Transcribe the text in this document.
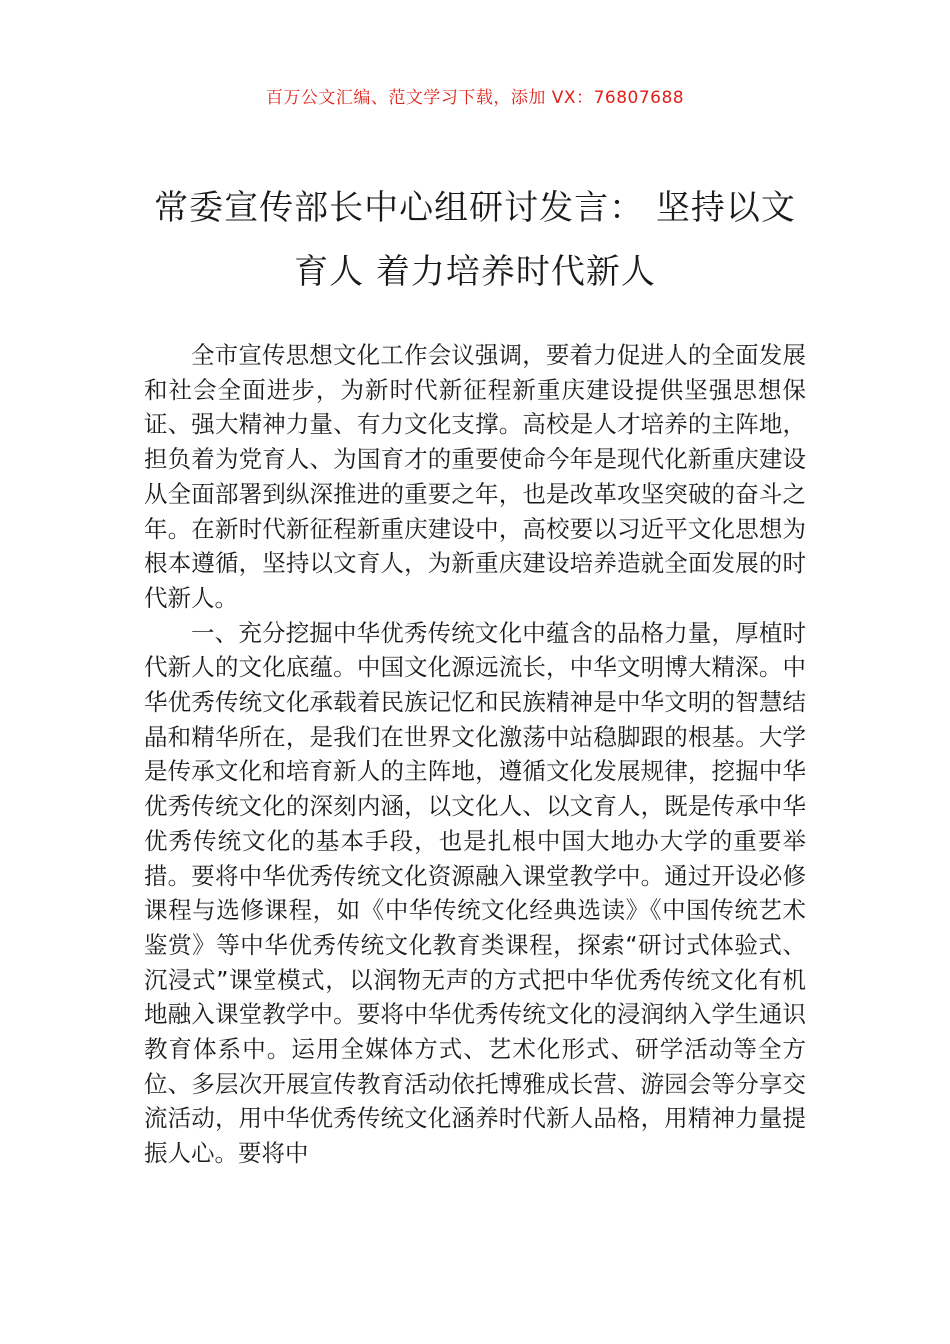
百万公文汇编、范文学习下载，添加 VX：76807688
常委宣传部长中心组研讨发言： 坚持以文
育人 着力培养时代新人

全市宣传思想文化工作会议强调，要着力促进人的全面发展和社会全面进步，为新时代新征程新重庆建设提供坚强思想保证、强大精神力量、有力文化支撑。高校是人才培养的主阵地，担负着为党育人、为国育才的重要使命今年是现代化新重庆建设从全面部署到纵深推进的重要之年，也是改革攻坚突破的奋斗之年。在新时代新征程新重庆建设中，高校要以习近平文化思想为根本遵循，坚持以文育人，为新重庆建设培养造就全面发展的时代新人。

一、充分挖掘中华优秀传统文化中蕴含的品格力量，厚植时代新人的文化底蕴。中国文化源远流长，中华文明博大精深。中华优秀传统文化承载着民族记忆和民族精神是中华文明的智慧结晶和精华所在，是我们在世界文化激荡中站稳脚跟的根基。大学是传承文化和培育新人的主阵地，遵循文化发展规律，挖掘中华优秀传统文化的深刻内涵，以文化人、以文育人，既是传承中华优秀传统文化的基本手段，也是扎根中国大地办大学的重要举措。要将中华优秀传统文化资源融入课堂教学中。通过开设必修课程与选修课程，如《中华传统文化经典选读》《中国传统艺术鉴赏》等中华优秀传统文化教育类课程，探索“研讨式体验式、沉浸式”课堂模式，以润物无声的方式把中华优秀传统文化有机地融入课堂教学中。要将中华优秀传统文化的浸润纳入学生通识教育体系中。运用全媒体方式、艺术化形式、研学活动等全方位、多层次开展宣传教育活动依托博雅成长营、游园会等分享交流活动，用中华优秀传统文化涵养时代新人品格，用精神力量提振人心。要将中
